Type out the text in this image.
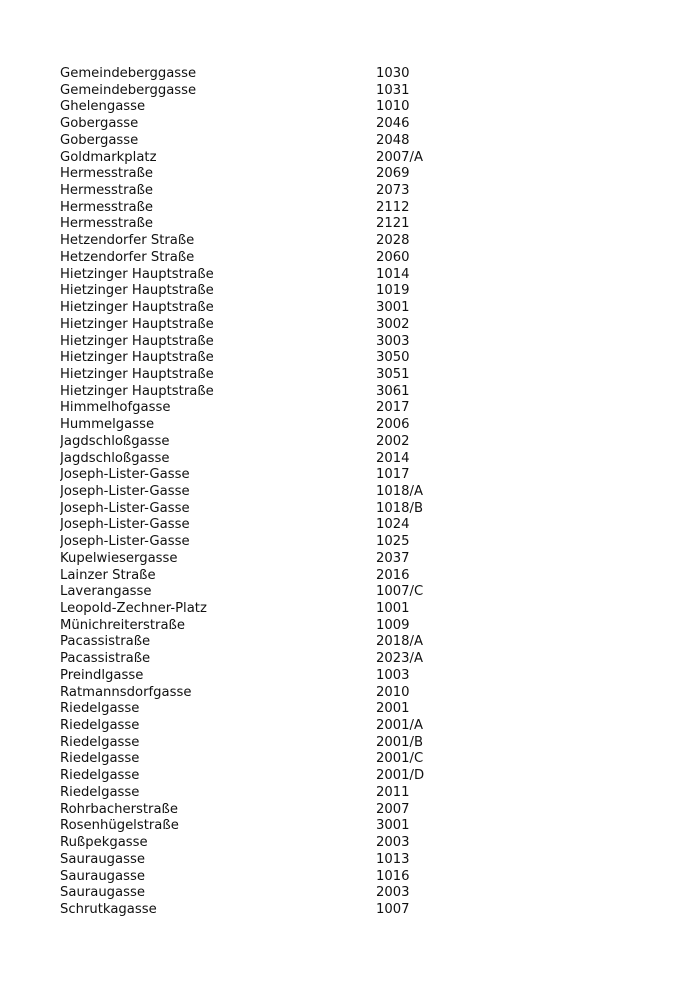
Gemeindeberggasse	1030
Gemeindeberggasse	1031
Ghelengasse	1010
Gobergasse	2046
Gobergasse	2048
Goldmarkplatz	2007/A
Hermesstraße	2069
Hermesstraße	2073
Hermesstraße	2112
Hermesstraße	2121
Hetzendorfer Straße	2028
Hetzendorfer Straße	2060
Hietzinger Hauptstraße	1014
Hietzinger Hauptstraße	1019
Hietzinger Hauptstraße	3001
Hietzinger Hauptstraße	3002
Hietzinger Hauptstraße	3003
Hietzinger Hauptstraße	3050
Hietzinger Hauptstraße	3051
Hietzinger Hauptstraße	3061
Himmelhofgasse	2017
Hummelgasse	2006
Jagdschloßgasse	2002
Jagdschloßgasse	2014
Joseph-Lister-Gasse	1017
Joseph-Lister-Gasse	1018/A
Joseph-Lister-Gasse	1018/B
Joseph-Lister-Gasse	1024
Joseph-Lister-Gasse	1025
Kupelwiesergasse	2037
Lainzer Straße	2016
Laverangasse	1007/C
Leopold-Zechner-Platz	1001
Münichreiterstraße	1009
Pacassistraße	2018/A
Pacassistraße	2023/A
Preindlgasse	1003
Ratmannsdorfgasse	2010
Riedelgasse	2001
Riedelgasse	2001/A
Riedelgasse	2001/B
Riedelgasse	2001/C
Riedelgasse	2001/D
Riedelgasse	2011
Rohrbacherstraße	2007
Rosenhügelstraße	3001
Rußpekgasse	2003
Sauraugasse	1013
Sauraugasse	1016
Sauraugasse	2003
Schrutkagasse	1007
